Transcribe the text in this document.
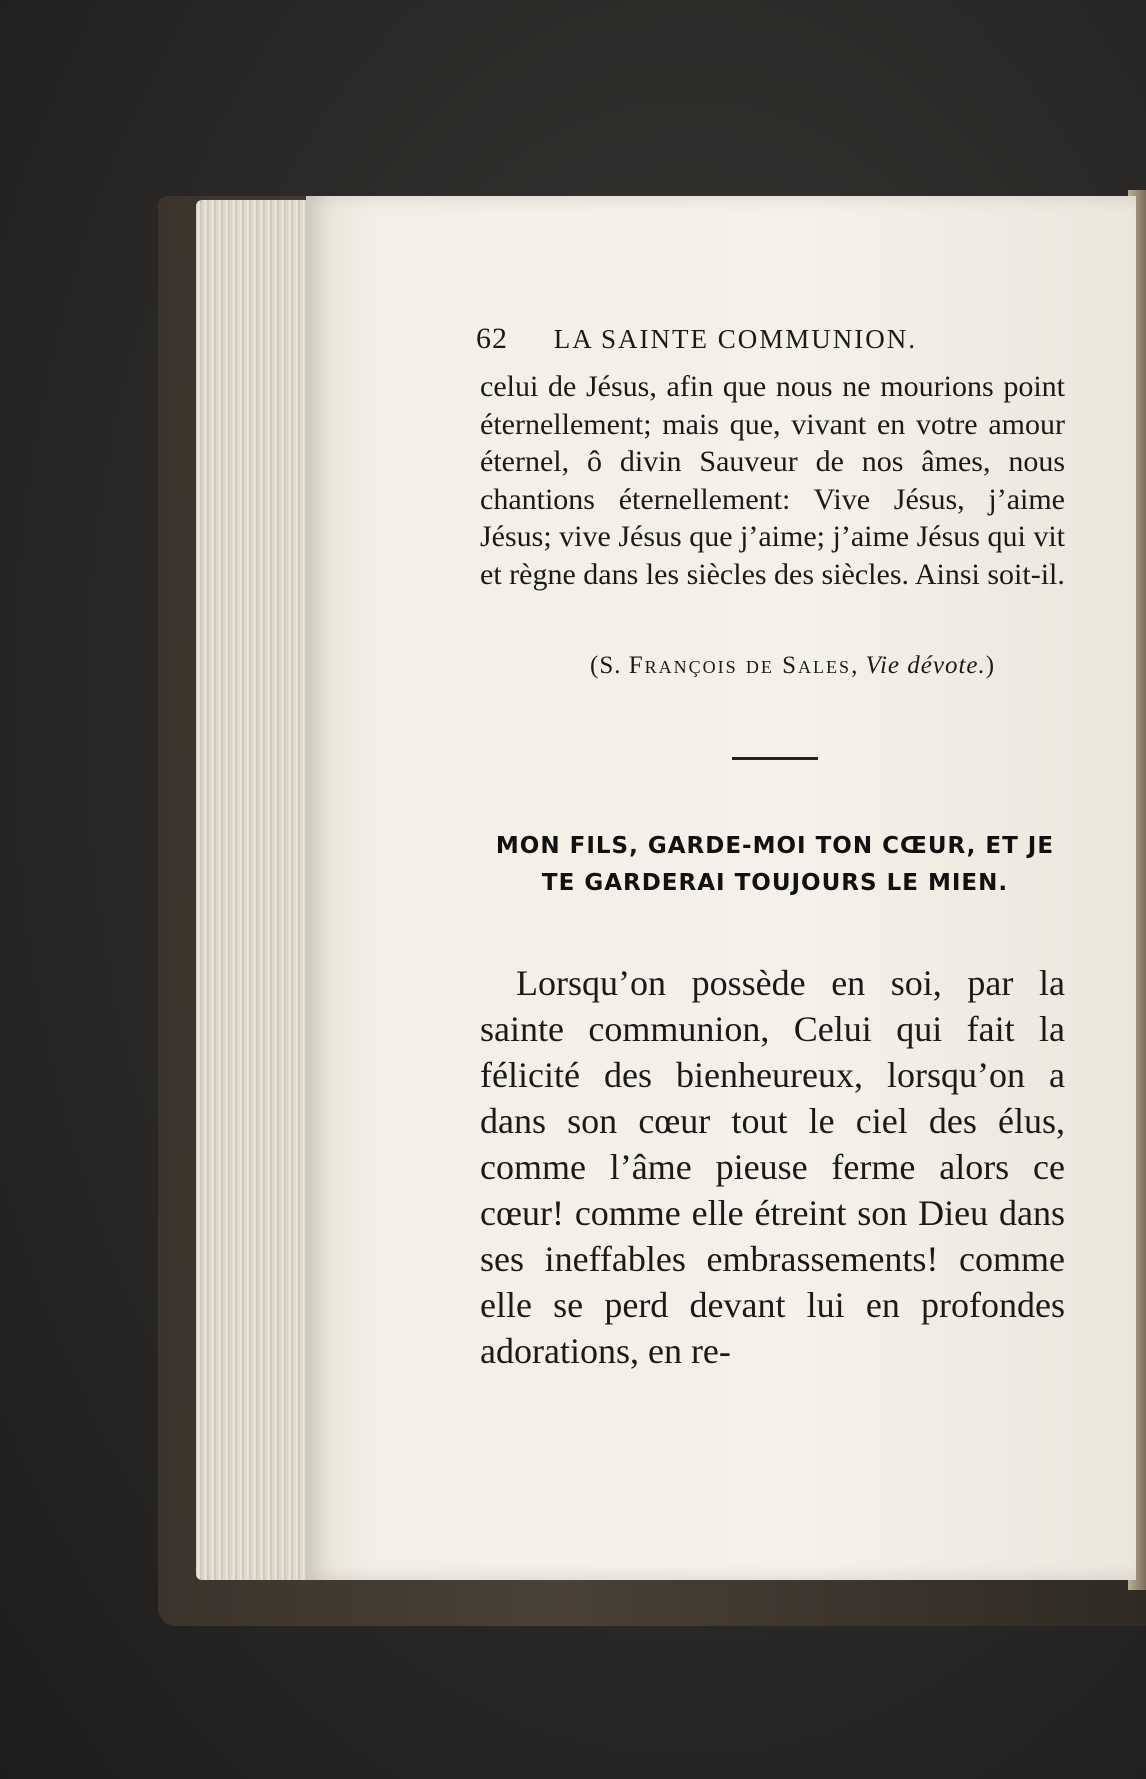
62 LA SAINTE COMMUNION.

celui de Jésus, afin que nous ne mourions point éternellement; mais que, vivant en votre amour éternel, ô divin Sauveur de nos âmes, nous chantions éternellement: Vive Jésus, j’aime Jésus; vive Jésus que j’aime; j’aime Jésus qui vit et règne dans les siècles des siècles. Ainsi soit-il.

(S. François de Sales, Vie dévote.)
MON FILS, GARDE-MOI TON CŒUR, ET JE
TE GARDERAI TOUJOURS LE MIEN.

Lorsqu’on possède en soi, par la sainte communion, Celui qui fait la félicité des bienheureux, lorsqu’on a dans son cœur tout le ciel des élus, comme l’âme pieuse ferme alors ce cœur! comme elle étreint son Dieu dans ses ineffables embrassements! comme elle se perd devant lui en profondes adorations, en re-
